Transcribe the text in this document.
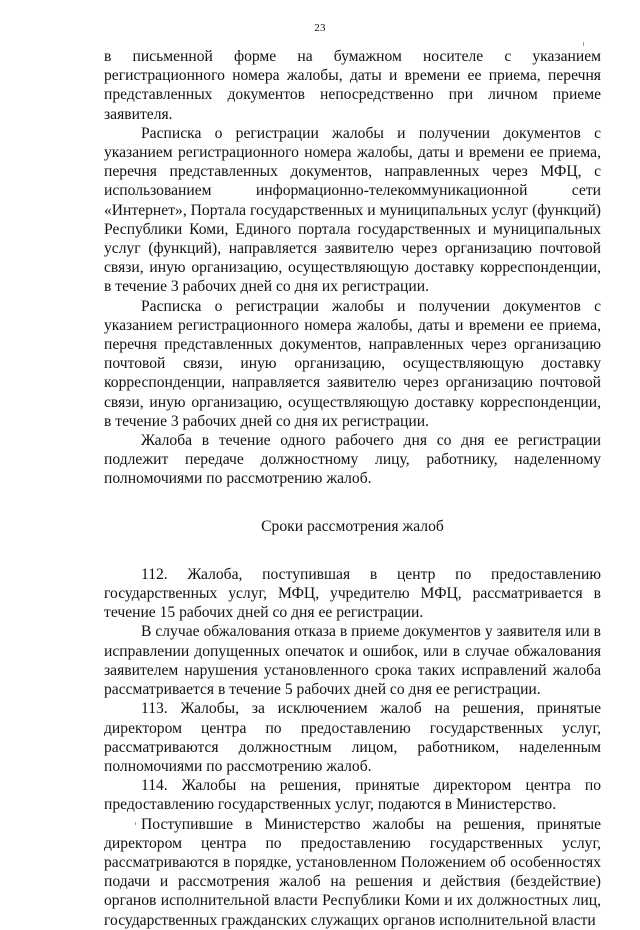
23

в письменной форме на бумажном носителе с указанием регистрационного номера жалобы, даты и времени ее приема, перечня представленных документов непосредственно при личном приеме заявителя.

Расписка о регистрации жалобы и получении документов с указанием регистрационного номера жалобы, даты и времени ее приема, перечня представленных документов, направленных через МФЦ, с использованием информационно-телекоммуникационной сети «Интернет», Портала государственных и муниципальных услуг (функций) Республики Коми, Единого портала государственных и муниципальных услуг (функций), направляется заявителю через организацию почтовой связи, иную организацию, осуществляющую доставку корреспонденции, в течение 3 рабочих дней со дня их регистрации.

Расписка о регистрации жалобы и получении документов с указанием регистрационного номера жалобы, даты и времени ее приема, перечня представленных документов, направленных через организацию почтовой связи, иную организацию, осуществляющую доставку корреспонденции, направляется заявителю через организацию почтовой связи, иную организацию, осуществляющую доставку корреспонденции, в течение 3 рабочих дней со дня их регистрации.

Жалоба в течение одного рабочего дня со дня ее регистрации подлежит передаче должностному лицу, работнику, наделенному полномочиями по рассмотрению жалоб.

Сроки рассмотрения жалоб

112. Жалоба, поступившая в центр по предоставлению государственных услуг, МФЦ, учредителю МФЦ, рассматривается в течение 15 рабочих дней со дня ее регистрации.

В случае обжалования отказа в приеме документов у заявителя или в исправлении допущенных опечаток и ошибок, или в случае обжалования заявителем нарушения установленного срока таких исправлений жалоба рассматривается в течение 5 рабочих дней со дня ее регистрации.

113. Жалобы, за исключением жалоб на решения, принятые директором центра по предоставлению государственных услуг, рассматриваются должностным лицом, работником, наделенным полномочиями по рассмотрению жалоб.

114. Жалобы на решения, принятые директором центра по предоставлению государственных услуг, подаются в Министерство.

Поступившие в Министерство жалобы на решения, принятые директором центра по предоставлению государственных услуг, рассматриваются в порядке, установленном Положением об особенностях подачи и рассмотрения жалоб на решения и действия (бездействие) органов исполнительной власти Республики Коми и их должностных лиц, государственных гражданских служащих органов исполнительной власти
